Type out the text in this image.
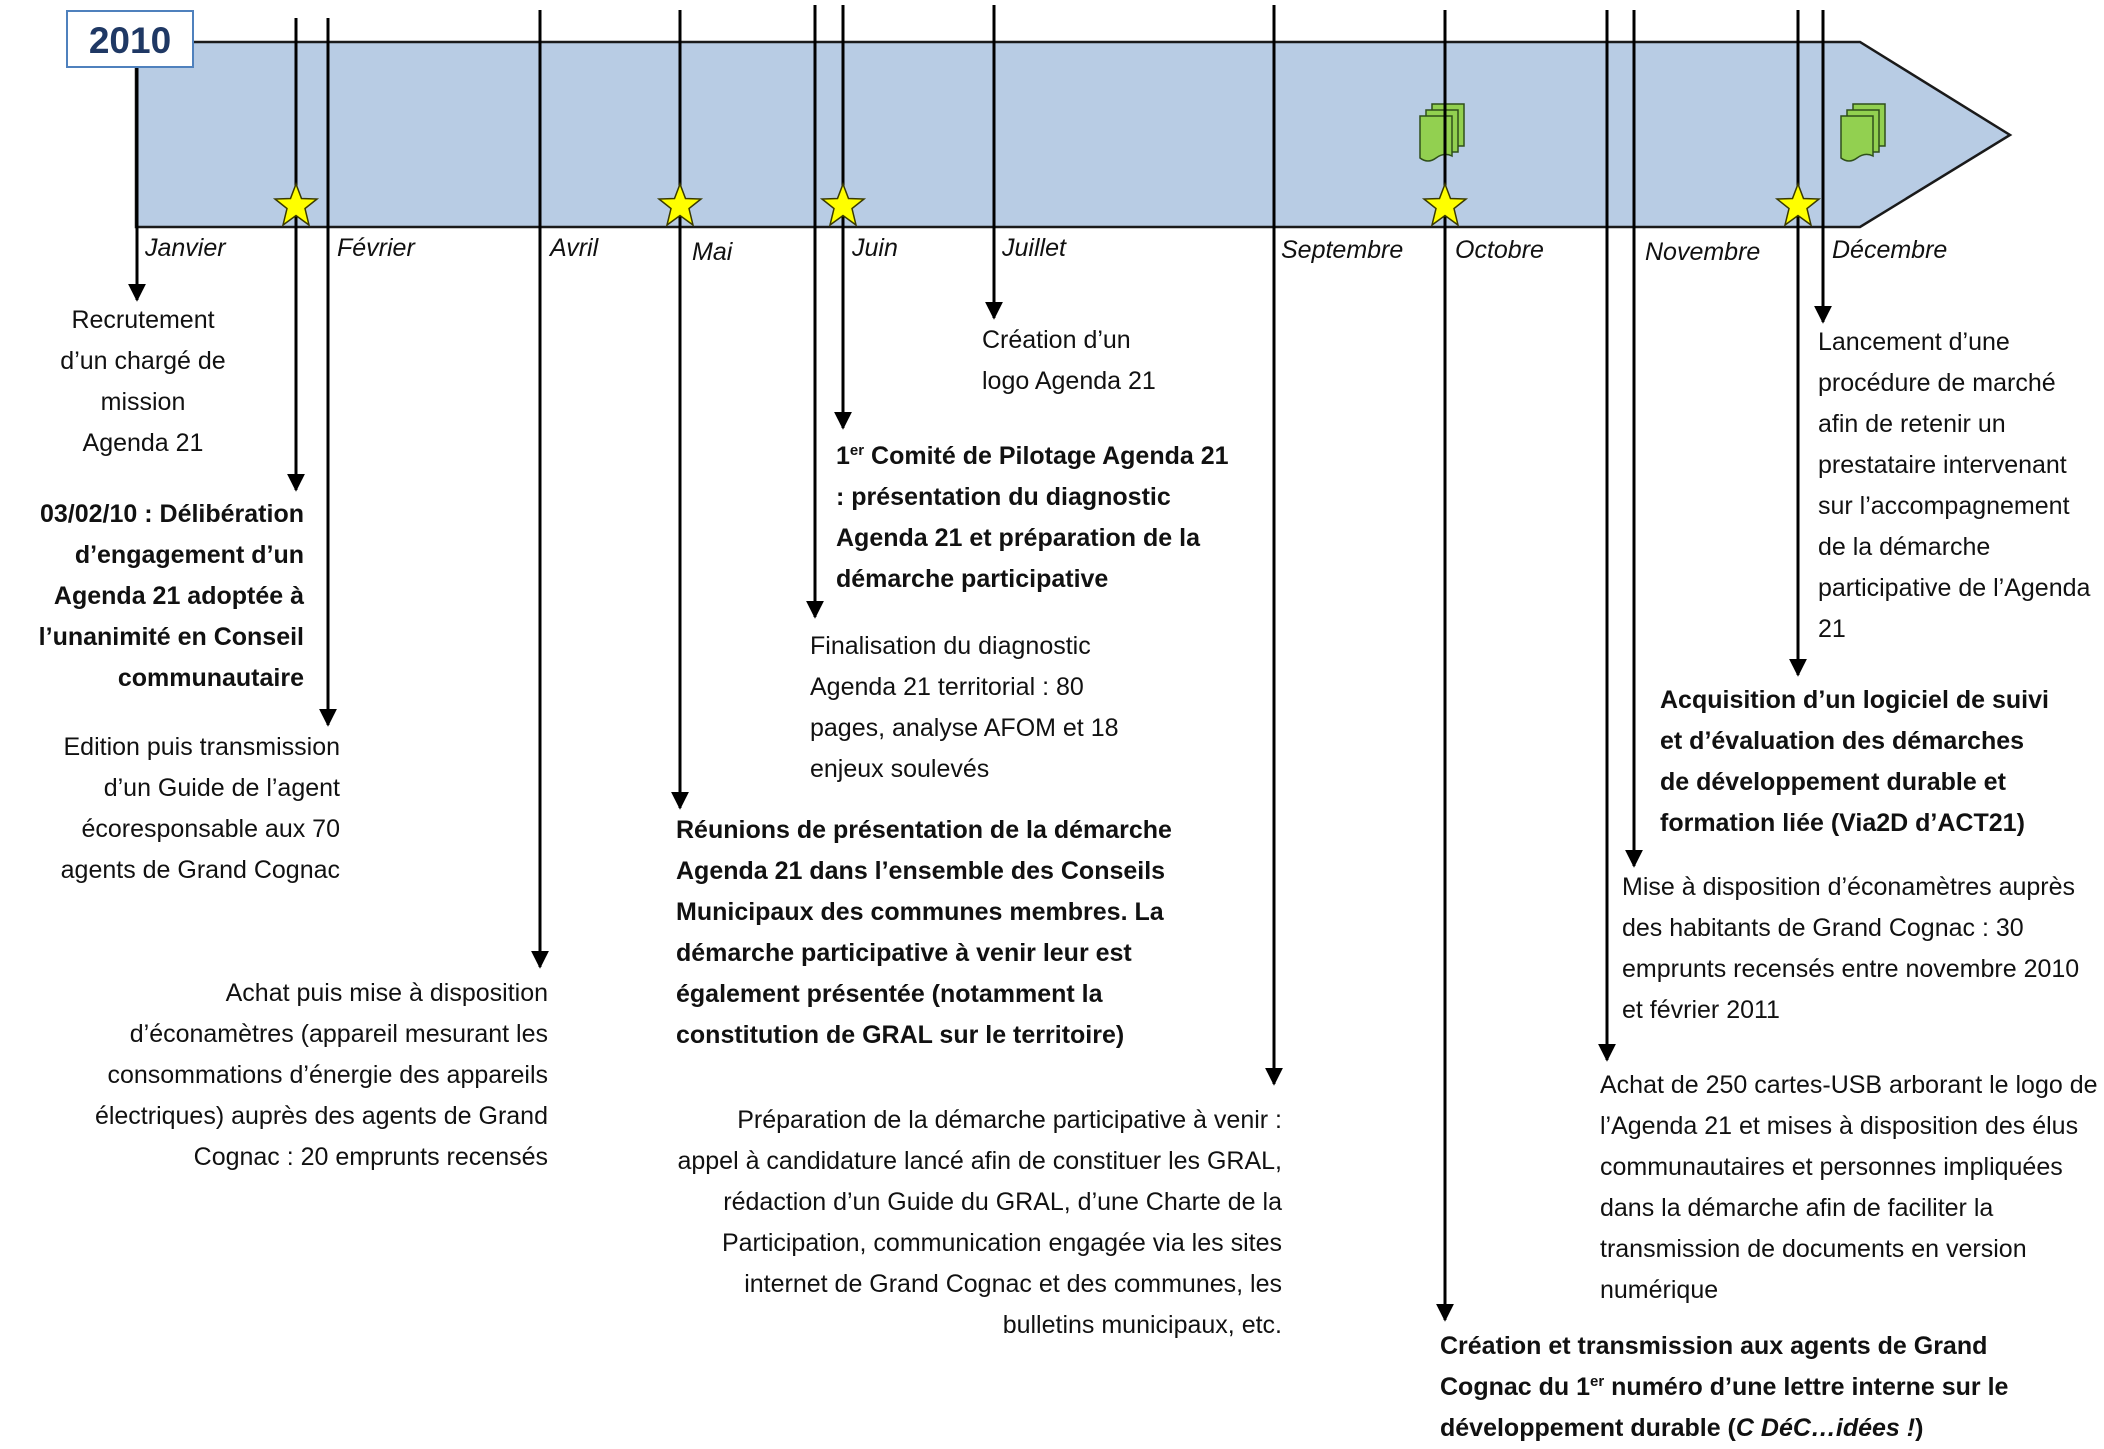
2010
Janvier	Février	Avril	Mai	Juin	Juillet	Septembre Octobre	Novembre	Décembre
Recrutement d’un chargé de mission Agenda 21
03/02/10 : Délibération d’engagement d’un Agenda 21 adoptée à l’unanimité en Conseil communautaire
Edition puis transmission d’un Guide de l’agent écoresponsable aux 70 agents de Grand Cognac
Achat puis mise à disposition d’éconamètres (appareil mesurant les consommations d’énergie des appareils électriques) auprès des agents de Grand Cognac : 20 emprunts recensés
1er Comité de Pilotage Agenda 21 : présentation du diagnostic Agenda 21 et préparation de la démarche participative
Création d’un logo Agenda 21
Finalisation du diagnostic Agenda 21 territorial : 80 pages, analyse AFOM et 18 enjeux soulevés
Réunions de présentation de la démarche Agenda 21 dans l’ensemble des Conseils Municipaux des communes membres. La démarche participative à venir leur est également présentée (notamment la constitution de GRAL sur le territoire)
Préparation de la démarche participative à venir : appel à candidature lancé afin de constituer les GRAL, rédaction d’un Guide du GRAL, d’une Charte de la Participation, communication engagée via les sites internet de Grand Cognac et des communes, les bulletins municipaux, etc.
Lancement d’une procédure de marché afin de retenir un prestataire intervenant sur l’accompagnement de la démarche participative de l’Agenda 21
Acquisition d’un logiciel de suivi et d’évaluation des démarches de développement durable et formation liée (Via2D d’ACT21)
Mise à disposition d’éconamètres auprès des habitants de Grand Cognac : 30 emprunts recensés entre novembre 2010 et février 2011
Achat de 250 cartes-USB arborant le logo de l’Agenda 21 et mises à disposition des élus communautaires et personnes impliquées dans la démarche afin de faciliter la transmission de documents en version numérique
Création et transmission aux agents de Grand Cognac du 1er numéro d’une lettre interne sur le développement durable (C DéC…idées !)
